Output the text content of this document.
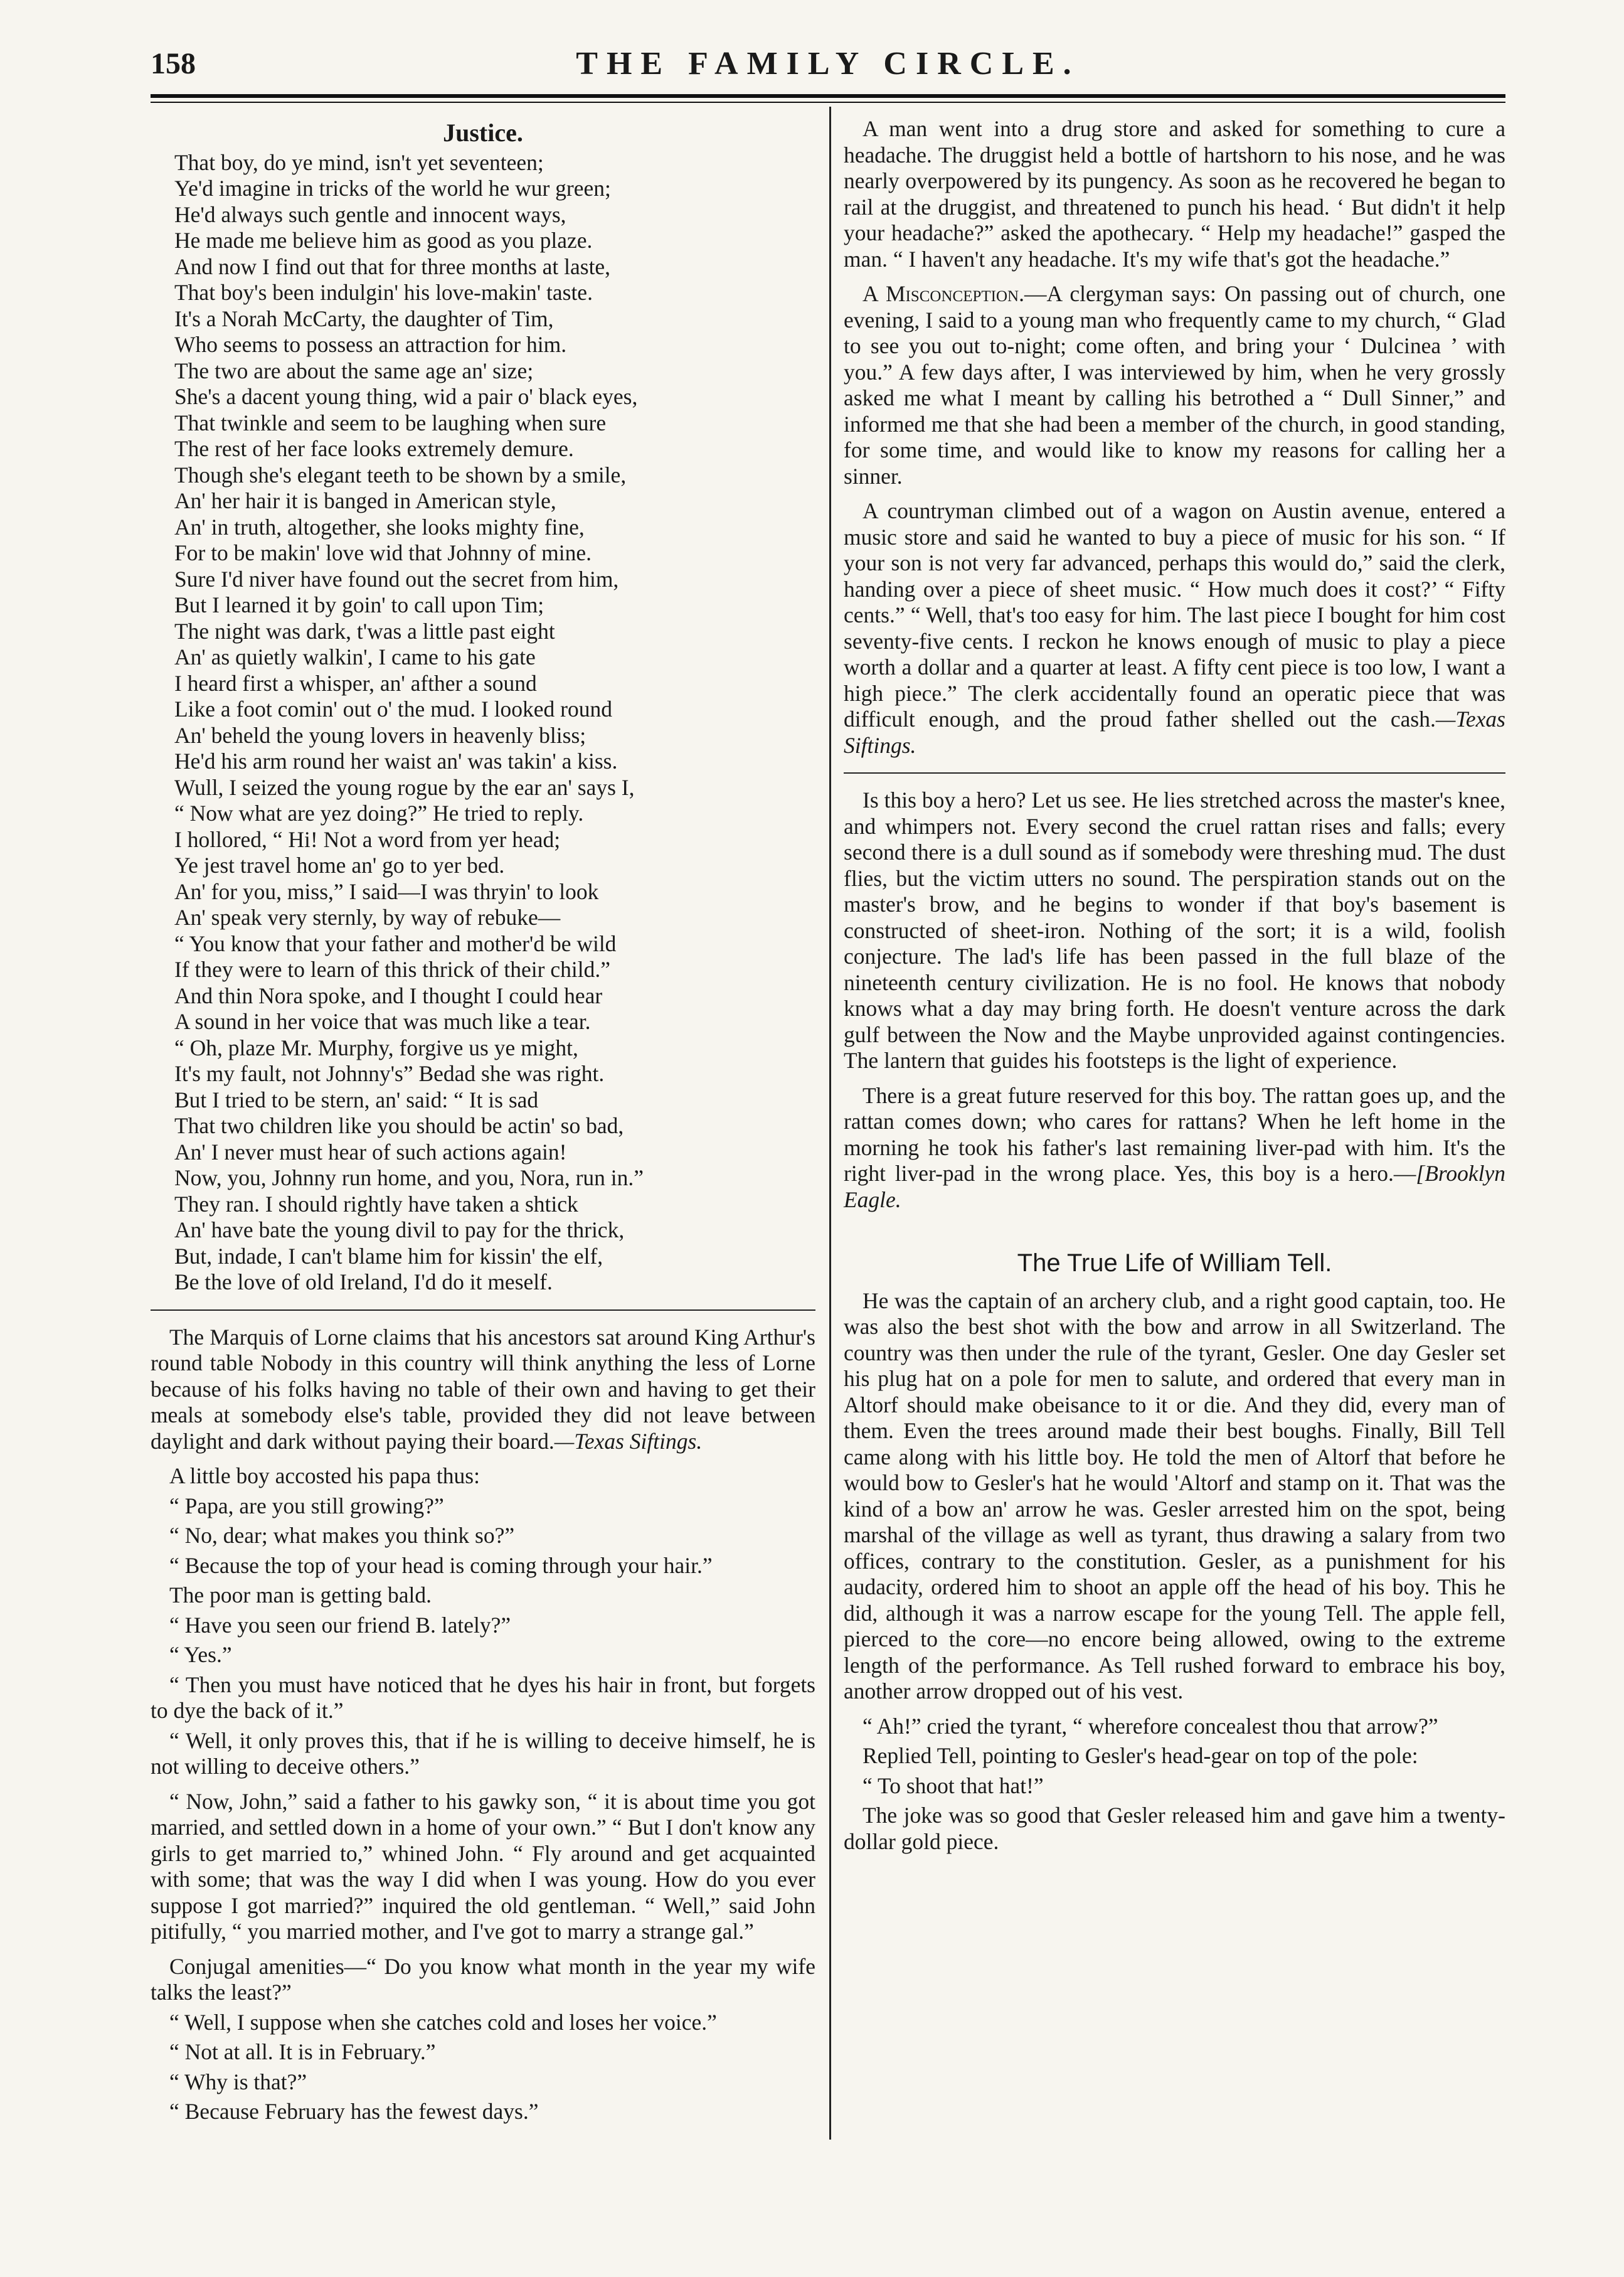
158	THE FAMILY CIRCLE.
Justice.
That boy, do ye mind, isn't yet seventeen;
Ye'd imagine in tricks of the world he wur green;
He'd always such gentle and innocent ways,
He made me believe him as good as you plaze.
And now I find out that for three months at laste,
That boy's been indulgin' his love-makin' taste.
It's a Norah McCarty, the daughter of Tim,
Who seems to possess an attraction for him.
The two are about the same age an' size;
She's a dacent young thing, wid a pair o' black eyes,
That twinkle and seem to be laughing when sure
The rest of her face looks extremely demure.
Though she's elegant teeth to be shown by a smile,
An' her hair it is banged in American style,
An' in truth, altogether, she looks mighty fine,
For to be makin' love wid that Johnny of mine.
Sure I'd niver have found out the secret from him,
But I learned it by goin' to call upon Tim;
The night was dark, t'was a little past eight
An' as quietly walkin', I came to his gate
I heard first a whisper, an' afther a sound
Like a foot comin' out o' the mud. I looked round
An' beheld the young lovers in heavenly bliss;
He'd his arm round her waist an' was takin' a kiss.
Wull, I seized the young rogue by the ear an' says I,
“ Now what are yez doing?” He tried to reply.
I hollored, “ Hi! Not a word from yer head;
Ye jest travel home an' go to yer bed.
An' for you, miss,” I said—I was thryin' to look
An' speak very sternly, by way of rebuke—
“ You know that your father and mother'd be wild
If they were to learn of this thrick of their child.”
And thin Nora spoke, and I thought I could hear
A sound in her voice that was much like a tear.
“ Oh, plaze Mr. Murphy, forgive us ye might,
It's my fault, not Johnny's” Bedad she was right.
But I tried to be stern, an' said: “ It is sad
That two children like you should be actin' so bad,
An' I never must hear of such actions again!
Now, you, Johnny run home, and you, Nora, run in.”
They ran. I should rightly have taken a shtick
An' have bate the young divil to pay for the thrick,
But, indade, I can't blame him for kissin' the elf,
Be the love of old Ireland, I'd do it meself.

The Marquis of Lorne claims that his ancestors sat around King Arthur's round table Nobody in this country will think anything the less of Lorne because of his folks having no table of their own and having to get their meals at somebody else's table, provided they did not leave between daylight and dark without paying their board.—Texas Siftings.

A little boy accosted his papa thus:

“ Papa, are you still growing?”

“ No, dear; what makes you think so?”

“ Because the top of your head is coming through your hair.”

The poor man is getting bald.

“ Have you seen our friend B. lately?”

“ Yes.”

“ Then you must have noticed that he dyes his hair in front, but forgets to dye the back of it.”

“ Well, it only proves this, that if he is willing to deceive himself, he is not willing to deceive others.”

“ Now, John,” said a father to his gawky son, “ it is about time you got married, and settled down in a home of your own.” “ But I don't know any girls to get married to,” whined John. “ Fly around and get acquainted with some; that was the way I did when I was young. How do you ever suppose I got married?” inquired the old gentleman. “ Well,” said John pitifully, “ you married mother, and I've got to marry a strange gal.”

Conjugal amenities—“ Do you know what month in the year my wife talks the least?”

“ Well, I suppose when she catches cold and loses her voice.”

“ Not at all. It is in February.”

“ Why is that?”

“ Because February has the fewest days.”

A man went into a drug store and asked for something to cure a headache. The druggist held a bottle of hartshorn to his nose, and he was nearly overpowered by its pungency. As soon as he recovered he began to rail at the druggist, and threatened to punch his head. ‘ But didn't it help your headache?” asked the apothecary. “ Help my headache!” gasped the man. “ I haven't any headache. It's my wife that's got the headache.”

A Misconception.—A clergyman says: On passing out of church, one evening, I said to a young man who frequently came to my church, “ Glad to see you out to-night; come often, and bring your ‘ Dulcinea ’ with you.” A few days after, I was interviewed by him, when he very grossly asked me what I meant by calling his betrothed a “ Dull Sinner,” and informed me that she had been a member of the church, in good standing, for some time, and would like to know my reasons for calling her a sinner.

A countryman climbed out of a wagon on Austin avenue, entered a music store and said he wanted to buy a piece of music for his son. “ If your son is not very far advanced, perhaps this would do,” said the clerk, handing over a piece of sheet music. “ How much does it cost?’ “ Fifty cents.” “ Well, that's too easy for him. The last piece I bought for him cost seventy-five cents. I reckon he knows enough of music to play a piece worth a dollar and a quarter at least. A fifty cent piece is too low, I want a high piece.” The clerk accidentally found an operatic piece that was difficult enough, and the proud father shelled out the cash.—Texas Siftings.

Is this boy a hero? Let us see. He lies stretched across the master's knee, and whimpers not. Every second the cruel rattan rises and falls; every second there is a dull sound as if somebody were threshing mud. The dust flies, but the victim utters no sound. The perspiration stands out on the master's brow, and he begins to wonder if that boy's basement is constructed of sheet-iron. Nothing of the sort; it is a wild, foolish conjecture. The lad's life has been passed in the full blaze of the nineteenth century civilization. He is no fool. He knows that nobody knows what a day may bring forth. He doesn't venture across the dark gulf between the Now and the Maybe unprovided against contingencies. The lantern that guides his footsteps is the light of experience.

There is a great future reserved for this boy. The rattan goes up, and the rattan comes down; who cares for rattans? When he left home in the morning he took his father's last remaining liver-pad with him. It's the right liver-pad in the wrong place. Yes, this boy is a hero.—[Brooklyn Eagle.

The True Life of William Tell.

He was the captain of an archery club, and a right good captain, too. He was also the best shot with the bow and arrow in all Switzerland. The country was then under the rule of the tyrant, Gesler. One day Gesler set his plug hat on a pole for men to salute, and ordered that every man in Altorf should make obeisance to it or die. And they did, every man of them. Even the trees around made their best boughs. Finally, Bill Tell came along with his little boy. He told the men of Altorf that before he would bow to Gesler's hat he would 'Altorf and stamp on it. That was the kind of a bow an' arrow he was. Gesler arrested him on the spot, being marshal of the village as well as tyrant, thus drawing a salary from two offices, contrary to the constitution. Gesler, as a punishment for his audacity, ordered him to shoot an apple off the head of his boy. This he did, although it was a narrow escape for the young Tell. The apple fell, pierced to the core—no encore being allowed, owing to the extreme length of the performance. As Tell rushed forward to embrace his boy, another arrow dropped out of his vest.

“ Ah!” cried the tyrant, “ wherefore concealest thou that arrow?”

Replied Tell, pointing to Gesler's head-gear on top of the pole:

“ To shoot that hat!”

The joke was so good that Gesler released him and gave him a twenty-dollar gold piece.
